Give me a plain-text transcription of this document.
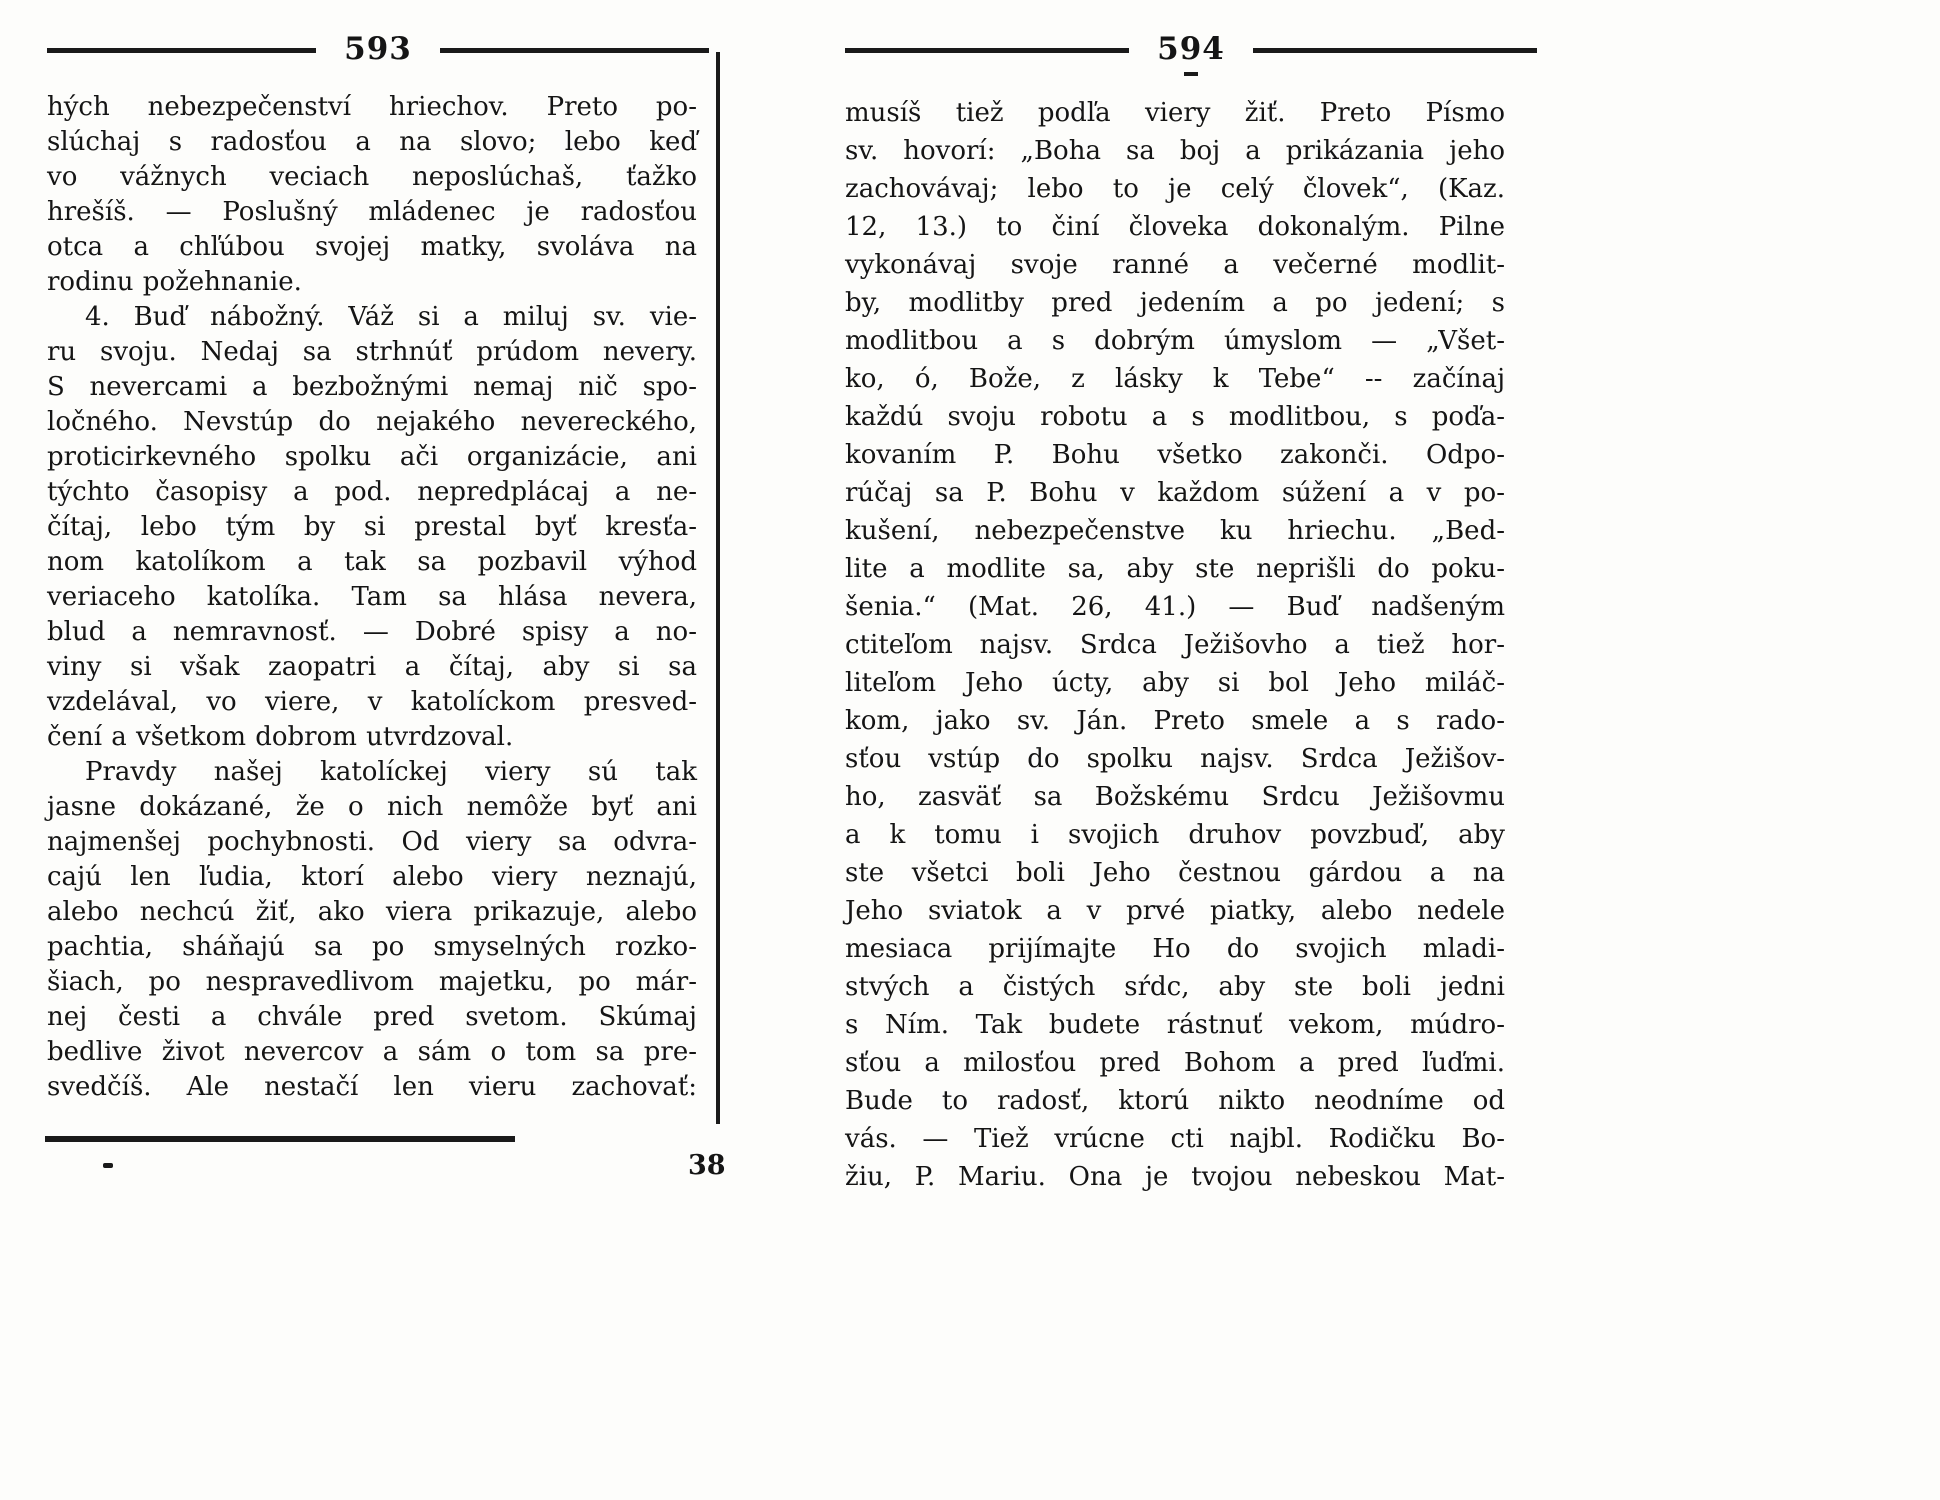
593
hých nebezpečenství hriechov. Preto po-
slúchaj s radosťou a na slovo; lebo keď
vo vážnych veciach neposlúchaš, ťažko
hrešíš. — Poslušný mládenec je radosťou
otca a chľúbou svojej matky, svoláva na
rodinu požehnanie.
4. Buď nábožný. Váž si a miluj sv. vie-
ru svoju. Nedaj sa strhnúť prúdom nevery.
S nevercami a bezbožnými nemaj nič spo-
ločného. Nevstúp do nejakého nevereckého,
proticirkevného spolku ači organizácie, ani
týchto časopisy a pod. nepredplácaj a ne-
čítaj, lebo tým by si prestal byť kresťa-
nom katolíkom a tak sa pozbavil výhod
veriaceho katolíka. Tam sa hlása nevera,
blud a nemravnosť. — Dobré spisy a no-
viny si však zaopatri a čítaj, aby si sa
vzdelával, vo viere, v katolíckom presved-
čení a všetkom dobrom utvrdzoval.
Pravdy našej katolíckej viery sú tak
jasne dokázané, že o nich nemôže byť ani
najmenšej pochybnosti. Od viery sa odvra-
cajú len ľudia, ktorí alebo viery neznajú,
alebo nechcú žiť, ako viera prikazuje, alebo
pachtia, sháňajú sa po smyselných rozko-
šiach, po nespravedlivom majetku, po már-
nej česti a chvále pred svetom. Skúmaj
bedlive život nevercov a sám o tom sa pre-
svedčíš. Ale nestačí len vieru zachovať:
594
musíš tiež podľa viery žiť. Preto Písmo
sv. hovorí: „Boha sa boj a prikázania jeho
zachovávaj; lebo to je celý človek“, (Kaz.
12, 13.) to činí človeka dokonalým. Pilne
vykonávaj svoje ranné a večerné modlit-
by, modlitby pred jedením a po jedení; s
modlitbou a s dobrým úmyslom — „Všet-
ko, ó, Bože, z lásky k Tebe“ -- začínaj
každú svoju robotu a s modlitbou, s poďa-
kovaním P. Bohu všetko zakonči. Odpo-
rúčaj sa P. Bohu v každom súžení a v po-
kušení, nebezpečenstve ku hriechu. „Bed-
lite a modlite sa, aby ste neprišli do poku-
šenia.“ (Mat. 26, 41.) — Buď nadšeným
ctiteľom najsv. Srdca Ježišovho a tiež hor-
liteľom Jeho úcty, aby si bol Jeho miláč-
kom, jako sv. Ján. Preto smele a s rado-
sťou vstúp do spolku najsv. Srdca Ježišov-
ho, zasväť sa Božskému Srdcu Ježišovmu
a k tomu i svojich druhov povzbuď, aby
ste všetci boli Jeho čestnou gárdou a na
Jeho sviatok a v prvé piatky, alebo nedele
mesiaca prijímajte Ho do svojich mladi-
stvých a čistých sŕdc, aby ste boli jedni
s Ním. Tak budete rástnuť vekom, múdro-
sťou a milosťou pred Bohom a pred ľuďmi.
Bude to radosť, ktorú nikto neodníme od
vás. — Tiež vrúcne cti najbl. Rodičku Bo-
žiu, P. Mariu. Ona je tvojou nebeskou Mat-
38
